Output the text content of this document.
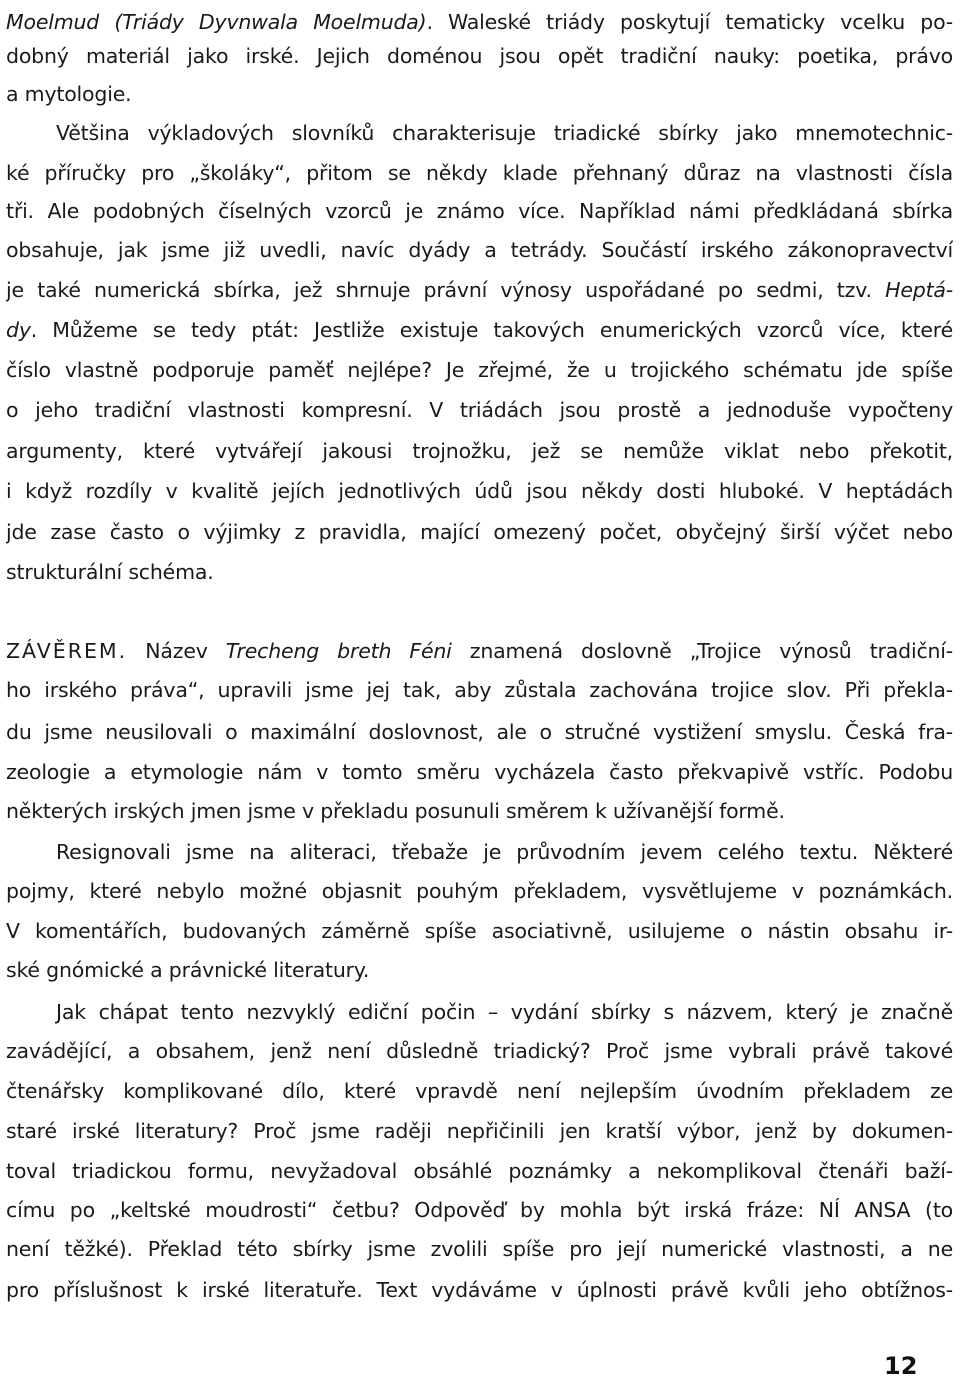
Moelmud (Triády Dyvnwala Moelmuda). Waleské triády poskytují tematicky vcelku po-
dobný materiál jako irské. Jejich doménou jsou opět tradiční nauky: poetika, právo
a mytologie.
Většina výkladových slovníků charakterisuje triadické sbírky jako mnemotechnic-
ké příručky pro „školáky“, přitom se někdy klade přehnaný důraz na vlastnosti čísla
tři. Ale podobných číselných vzorců je známo více. Například námi předkládaná sbírka
obsahuje, jak jsme již uvedli, navíc dyády a tetrády. Součástí irského zákonopravectví
je také numerická sbírka, jež shrnuje právní výnosy uspořádané po sedmi, tzv. Heptá-
dy. Můžeme se tedy ptát: Jestliže existuje takových enumerických vzorců více, které
číslo vlastně podporuje paměť nejlépe? Je zřejmé, že u trojického schématu jde spíše
o jeho tradiční vlastnosti kompresní. V triádách jsou prostě a jednoduše vypočteny
argumenty, které vytvářejí jakousi trojnožku, jež se nemůže viklat nebo překotit,
i když rozdíly v kvalitě jejích jednotlivých údů jsou někdy dosti hluboké. V heptádách
jde zase často o výjimky z pravidla, mající omezený počet, obyčejný širší výčet nebo
strukturální schéma.
ZÁVĚREM. Název Trecheng breth Féni znamená doslovně „Trojice výnosů tradiční-
ho irského práva“, upravili jsme jej tak, aby zůstala zachována trojice slov. Při překla-
du jsme neusilovali o maximální doslovnost, ale o stručné vystižení smyslu. Česká fra-
zeologie a etymologie nám v tomto směru vycházela často překvapivě vstříc. Podobu
některých irských jmen jsme v překladu posunuli směrem k užívanější formě.
Resignovali jsme na aliteraci, třebaže je průvodním jevem celého textu. Některé
pojmy, které nebylo možné objasnit pouhým překladem, vysvětlujeme v poznámkách.
V komentářích, budovaných záměrně spíše asociativně, usilujeme o nástin obsahu ir-
ské gnómické a právnické literatury.
Jak chápat tento nezvyklý ediční počin – vydání sbírky s názvem, který je značně
zavádějící, a obsahem, jenž není důsledně triadický? Proč jsme vybrali právě takové
čtenářsky komplikované dílo, které vpravdě není nejlepším úvodním překladem ze
staré irské literatury? Proč jsme raději nepřičinili jen kratší výbor, jenž by dokumen-
toval triadickou formu, nevyžadoval obsáhlé poznámky a nekomplikoval čtenáři baží-
címu po „keltské moudrosti“ četbu? Odpověď by mohla být irská fráze: NÍ ANSA (to
není těžké). Překlad této sbírky jsme zvolili spíše pro její numerické vlastnosti, a ne
pro příslušnost k irské literatuře. Text vydáváme v úplnosti právě kvůli jeho obtížnos-
12
